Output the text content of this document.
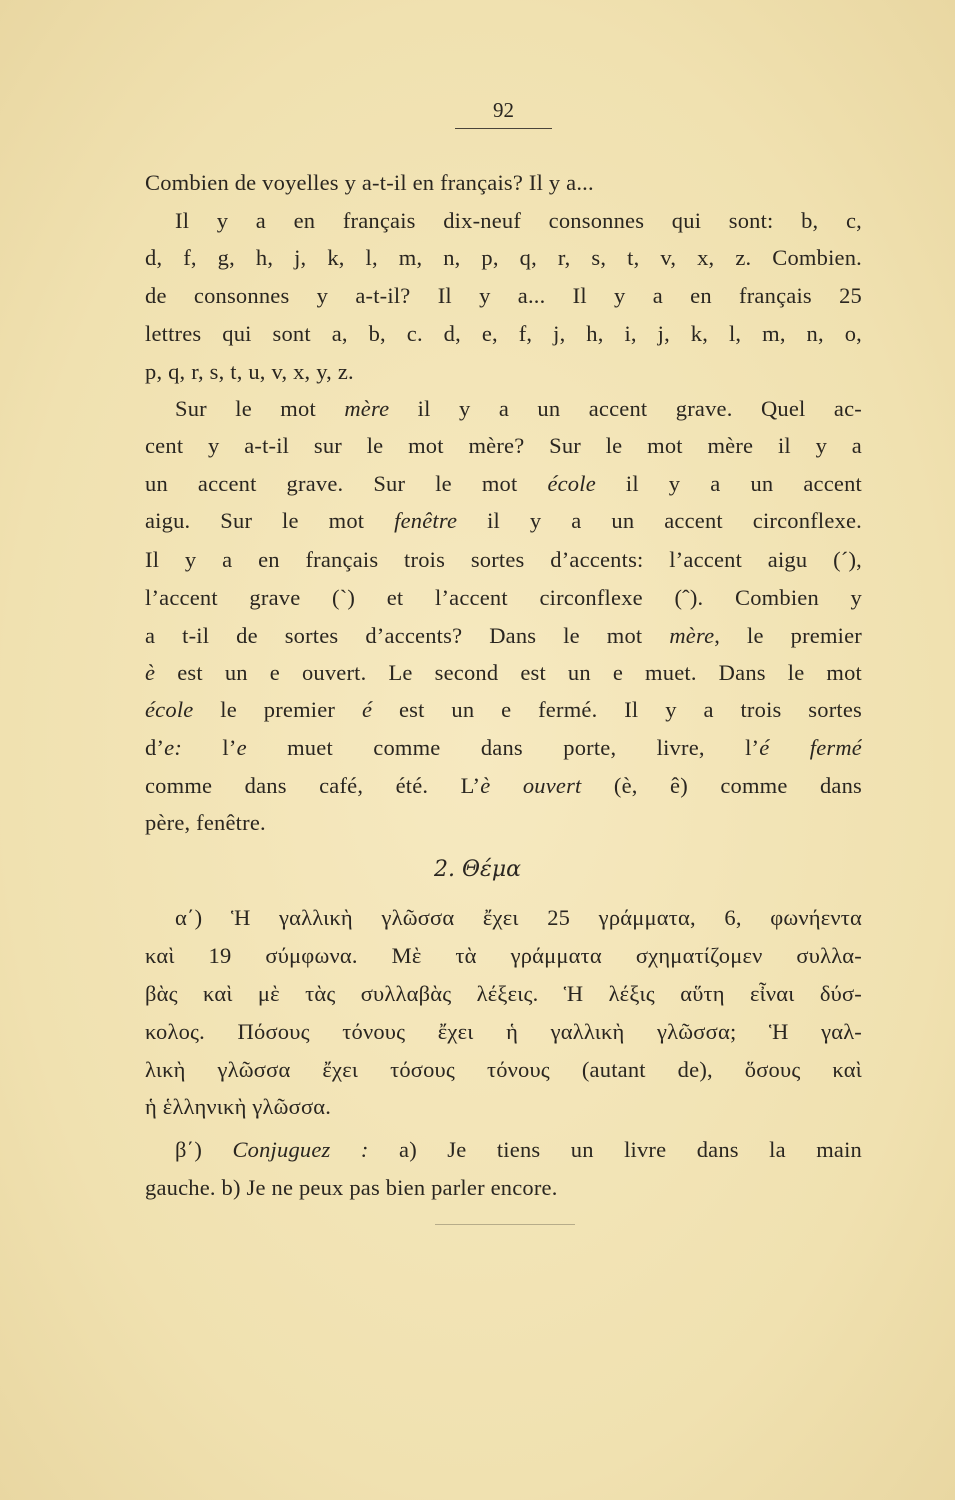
92
Combien de voyelles y a-t-il en français? Il y a...
Il y a en français dix-neuf consonnes qui sont: b, c,
d, f, g, h, j, k, l, m, n, p, q, r, s, t, v, x, z. Combien.
de consonnes y a-t-il? Il y a... Il y a en français 25
lettres qui sont a, b, c. d, e, f, j, h, i, j, k, l, m, n, o,
p, q, r, s, t, u, v, x, y, z.
Sur le mot mère il y a un accent grave. Quel ac-
cent y a-t-il sur le mot mère? Sur le mot mère il y a
un accent grave. Sur le mot école il y a un accent
aigu. Sur le mot fenêtre il y a un accent circonflexe.
Il y a en français trois sortes d’accents: l’accent aigu (´),
l’accent grave (`) et l’accent circonflexe (ˆ). Combien y
a t-il de sortes d’accents? Dans le mot mère, le premier
è est un e ouvert. Le second est un e muet. Dans le mot
école le premier é est un e fermé. Il y a trois sortes
d’e: l’e muet comme dans porte, livre, l’é fermé
comme dans café, été. L’è ouvert (è, ê) comme dans
père, fenêtre.
α΄) Ἡ γαλλικὴ γλῶσσα ἔχει 25 γράμματα, 6, φωνήεντα
καὶ 19 σύμφωνα. Μὲ τὰ γράμματα σχηματίζομεν συλλα-
βὰς καὶ μὲ τὰς συλλαβὰς λέξεις. Ἡ λέξις αὕτη εἶναι δύσ-
κολος. Πόσους τόνους ἔχει ἡ γαλλικὴ γλῶσσα; Ἡ γαλ-
λικὴ γλῶσσα ἔχει τόσους τόνους (autant de), ὅσους καὶ
ἡ ἑλληνικὴ γλῶσσα.
β΄) Conjuguez : a) Je tiens un livre dans la main
gauche. b) Je ne peux pas bien parler encore.
2. Θέμα
